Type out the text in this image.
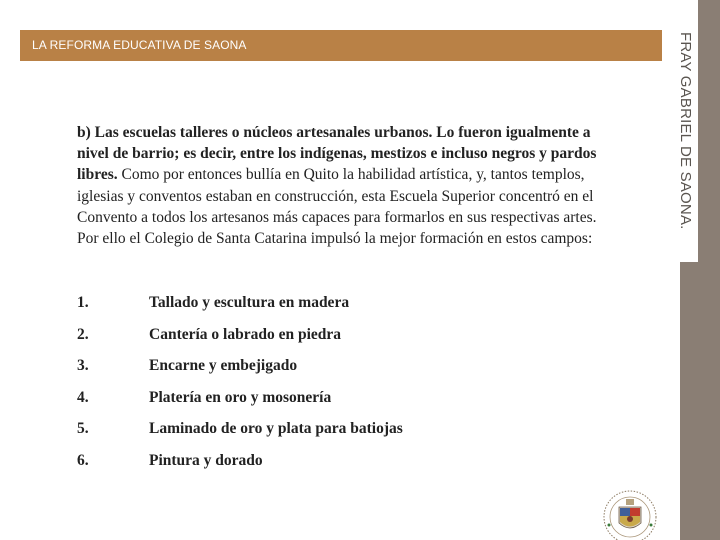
FRAY GABRIEL DE SAONA.
LA REFORMA EDUCATIVA DE SAONA
b) Las escuelas talleres o núcleos artesanales urbanos. Lo fueron igualmente a nivel de barrio; es decir, entre los indígenas, mestizos e incluso negros y pardos libres. Como por entonces bullía en Quito la habilidad artística, y, tantos templos, iglesias y conventos estaban en construcción, esta Escuela Superior concentró en el Convento a todos los artesanos más capaces para formarlos en sus respectivas artes. Por ello el Colegio de Santa Catarina impulsó la mejor formación en estos campos:
1.	Tallado y escultura en madera
2.	Cantería o labrado en piedra
3.	Encarne y embejigado
4.	Platería en oro y mosonería
5.	Laminado de oro y plata para batiojas
6.	Pintura y dorado
